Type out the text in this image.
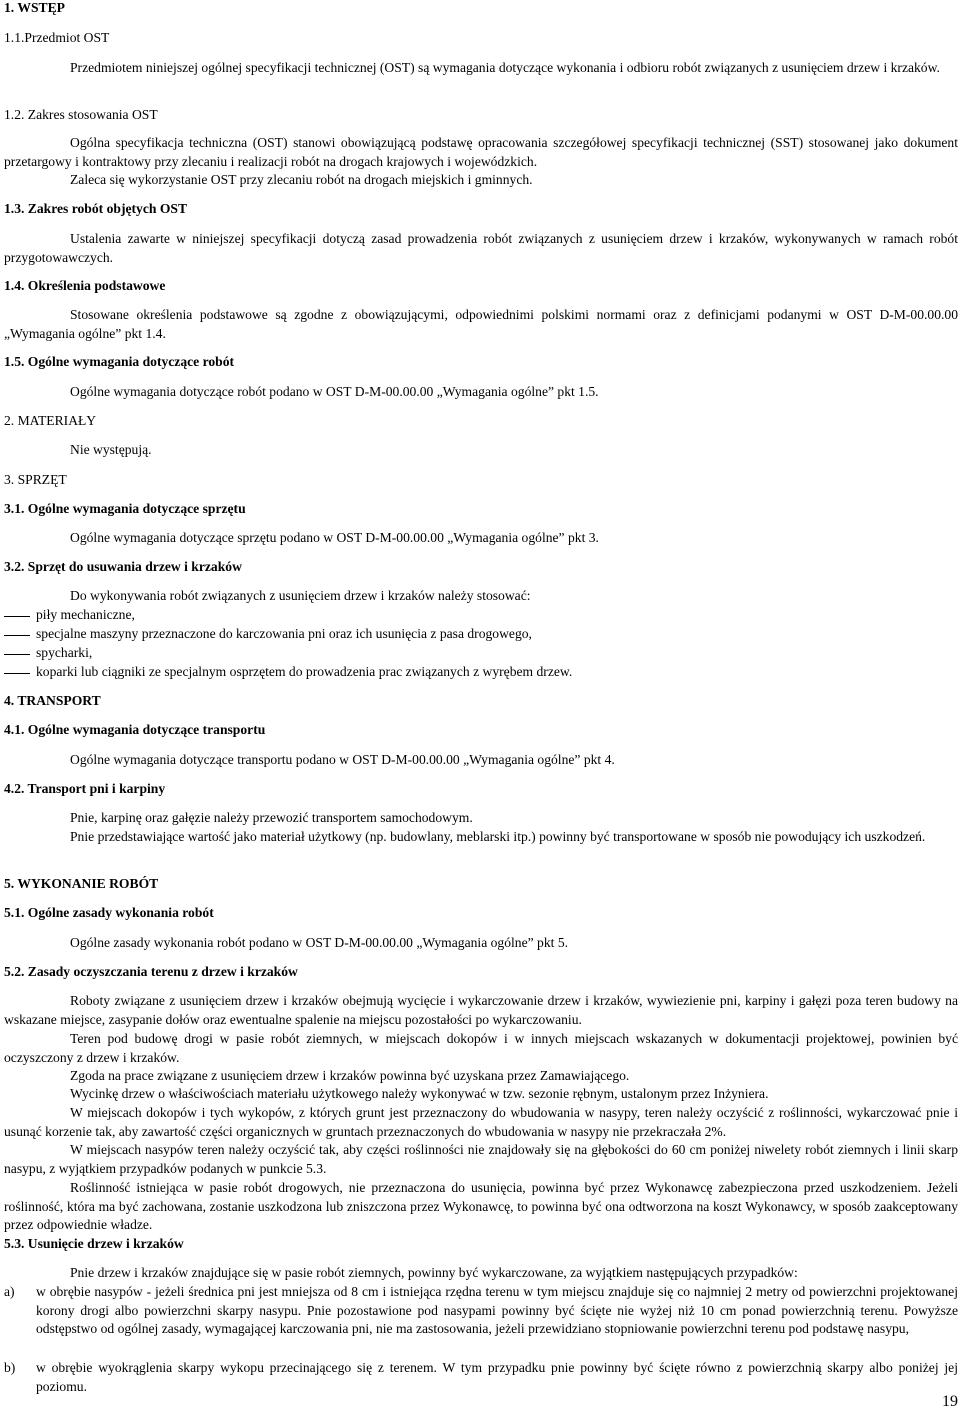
1. WSTĘP
1.1.Przedmiot OST
Przedmiotem niniejszej ogólnej specyfikacji technicznej (OST) są wymagania dotyczące wykonania i odbioru robót związanych z usunięciem drzew i krzaków.
1.2. Zakres stosowania OST
Ogólna specyfikacja techniczna (OST) stanowi obowiązującą podstawę opracowania szczegółowej specyfikacji technicznej (SST) stosowanej jako dokument przetargowy i kontraktowy przy zlecaniu i realizacji robót na drogach krajowych i wojewódzkich.
Zaleca się wykorzystanie OST przy zlecaniu robót na drogach miejskich i gminnych.
1.3. Zakres robót objętych OST
Ustalenia zawarte w niniejszej specyfikacji dotyczą zasad prowadzenia robót związanych z usunięciem drzew i krzaków, wykonywanych w ramach robót przygotowawczych.
1.4. Określenia podstawowe
Stosowane określenia podstawowe są zgodne z obowiązującymi, odpowiednimi polskimi normami oraz z definicjami podanymi w OST D-M-00.00.00 „Wymagania ogólne” pkt 1.4.
1.5. Ogólne wymagania dotyczące robót
Ogólne wymagania dotyczące robót podano w OST D-M-00.00.00 „Wymagania ogólne” pkt 1.5.
2. MATERIAŁY
Nie występują.
3. SPRZĘT
3.1. Ogólne wymagania dotyczące sprzętu
Ogólne wymagania dotyczące sprzętu podano w OST D-M-00.00.00 „Wymagania ogólne” pkt 3.
3.2. Sprzęt do usuwania drzew i krzaków
Do wykonywania robót związanych z usunięciem drzew i krzaków należy stosować:
piły mechaniczne,
specjalne maszyny przeznaczone do karczowania pni oraz ich usunięcia z pasa drogowego,
spycharki,
koparki lub ciągniki ze specjalnym osprzętem do prowadzenia prac związanych z wyrębem drzew.
4. TRANSPORT
4.1. Ogólne wymagania dotyczące transportu
Ogólne wymagania dotyczące transportu podano w OST D-M-00.00.00 „Wymagania ogólne” pkt 4.
4.2. Transport pni i karpiny
Pnie, karpinę oraz gałęzie należy przewozić transportem samochodowym.
Pnie przedstawiające wartość jako materiał użytkowy (np. budowlany, meblarski itp.) powinny być transportowane w sposób nie powodujący ich uszkodzeń.
5. WYKONANIE ROBÓT
5.1. Ogólne zasady wykonania robót
Ogólne zasady wykonania robót podano w OST D-M-00.00.00 „Wymagania ogólne” pkt 5.
5.2. Zasady oczyszczania terenu z drzew i krzaków
Roboty związane z usunięciem drzew i krzaków obejmują wycięcie i wykarczowanie drzew i krzaków, wywiezienie pni, karpiny i gałęzi poza teren budowy na wskazane miejsce, zasypanie dołów oraz ewentualne spalenie na miejscu pozostałości po wykarczowaniu.
Teren pod budowę drogi w pasie robót ziemnych, w miejscach dokopów i w innych miejscach wskazanych w dokumentacji projektowej, powinien być oczyszczony z drzew i krzaków.
Zgoda na prace związane z usunięciem drzew i krzaków powinna być uzyskana przez Zamawiającego.
Wycinkę drzew o właściwościach materiału użytkowego należy wykonywać w tzw. sezonie rębnym, ustalonym przez Inżyniera.
W miejscach dokopów i tych wykopów, z których grunt jest przeznaczony do wbudowania w nasypy, teren należy oczyścić z roślinności, wykarczować pnie i usunąć korzenie tak, aby zawartość części organicznych w gruntach przeznaczonych do wbudowania w nasypy nie przekraczała 2%.
W miejscach nasypów teren należy oczyścić tak, aby części roślinności nie znajdowały się na głębokości do 60 cm poniżej niwelety robót ziemnych i linii skarp nasypu, z wyjątkiem przypadków podanych w punkcie 5.3.
Roślinność istniejąca w pasie robót drogowych, nie przeznaczona do usunięcia, powinna być przez Wykonawcę zabezpieczona przed uszkodzeniem. Jeżeli roślinność, która ma być zachowana, zostanie uszkodzona lub zniszczona przez Wykonawcę, to powinna być ona odtworzona na koszt Wykonawcy, w sposób zaakceptowany przez odpowiednie władze.
5.3. Usunięcie drzew i krzaków
Pnie drzew i krzaków znajdujące się w pasie robót ziemnych, powinny być wykarczowane, za wyjątkiem następujących przypadków:
a) w obrębie nasypów - jeżeli średnica pni jest mniejsza od 8 cm i istniejąca rzędna terenu w tym miejscu znajduje się co najmniej 2 metry od powierzchni projektowanej korony drogi albo powierzchni skarpy nasypu. Pnie pozostawione pod nasypami powinny być ścięte nie wyżej niż 10 cm ponad powierzchnią terenu. Powyższe odstępstwo od ogólnej zasady, wymagającej karczowania pni, nie ma zastosowania, jeżeli przewidziano stopniowanie powierzchni terenu pod podstawę nasypu,
b) w obrębie wyokrąglenia skarpy wykopu przecinającego się z terenem. W tym przypadku pnie powinny być ścięte równo z powierzchnią skarpy albo poniżej jej poziomu.
19
